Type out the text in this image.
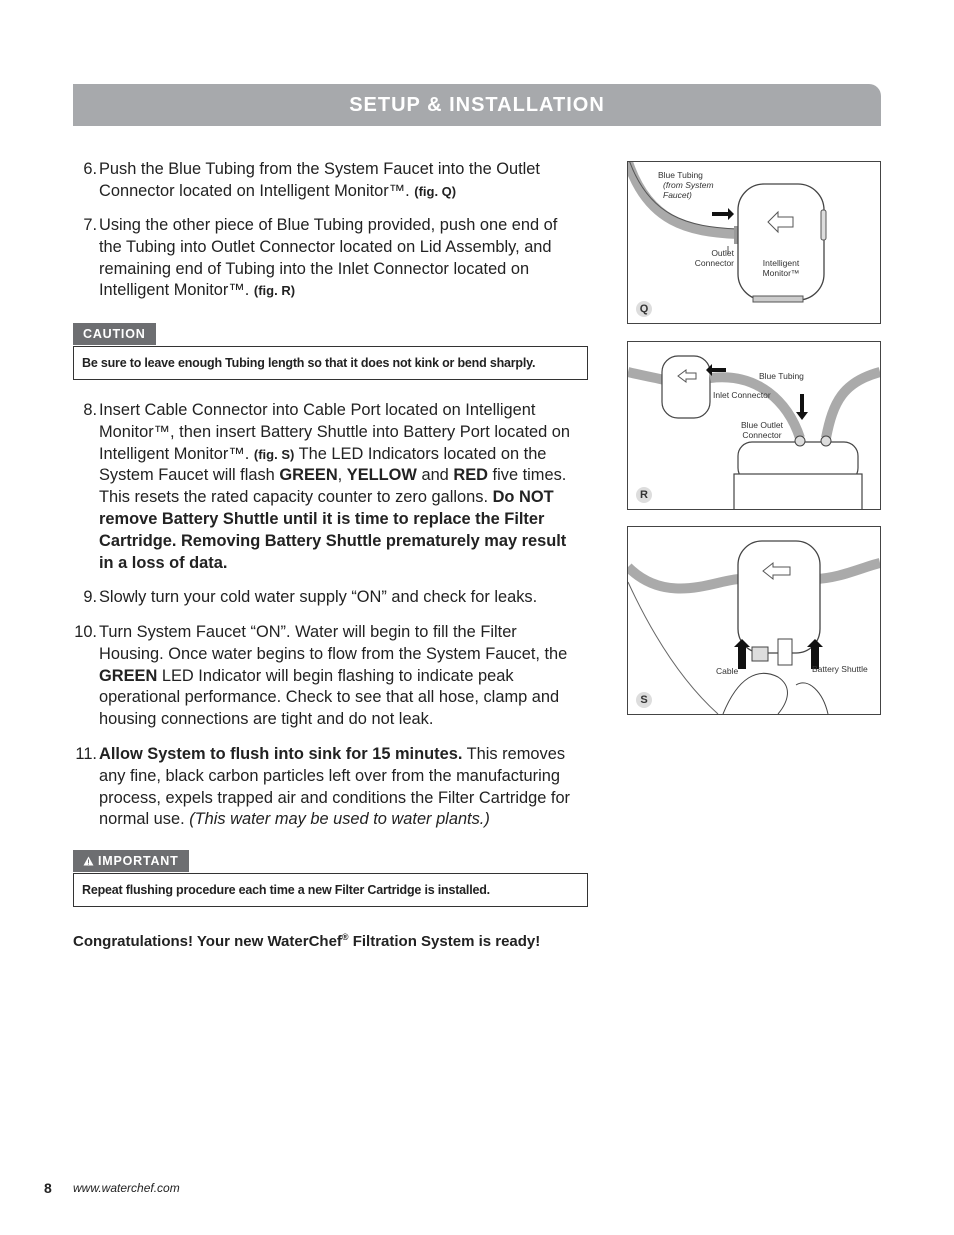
SETUP & INSTALLATION
6. Push the Blue Tubing from the System Faucet into the Outlet Connector located on Intelligent Monitor™. (fig. Q)
7. Using the other piece of Blue Tubing provided, push one end of the Tubing into Outlet Connector located on Lid Assembly, and remaining end of Tubing into the Inlet Connector located on Intelligent Monitor™. (fig. R)
CAUTION
Be sure to leave enough Tubing length so that it does not kink or bend sharply.
8. Insert Cable Connector into Cable Port located on Intelligent Monitor™, then insert Battery Shuttle into Battery Port located on Intelligent Monitor™. (fig. S) The LED Indicators located on the System Faucet will flash GREEN, YELLOW and RED five times. This resets the rated capacity counter to zero gallons. Do NOT remove Battery Shuttle until it is time to replace the Filter Cartridge. Removing Battery Shuttle prematurely may result in a loss of data.
9. Slowly turn your cold water supply “ON” and check for leaks.
10. Turn System Faucet “ON”. Water will begin to fill the Filter Housing. Once water begins to flow from the System Faucet, the GREEN LED Indicator will begin flashing to indicate peak operational performance. Check to see that all hose, clamp and housing connections are tight and do not leak.
11. Allow System to flush into sink for 15 minutes. This removes any fine, black carbon particles left over from the manufacturing process, expels trapped air and conditions the Filter Cartridge for normal use. (This water may be used to water plants.)
IMPORTANT
Repeat flushing procedure each time a new Filter Cartridge is installed.
Congratulations! Your new WaterChef® Filtration System is ready!
8 www.waterchef.com
Blue Tubing
(from System Faucet)
Outlet Connector	Intelligent Monitor™
Q
Inlet Connector
Blue Tubing
Blue Outlet Connector
R
Cable	Battery Shuttle
S
